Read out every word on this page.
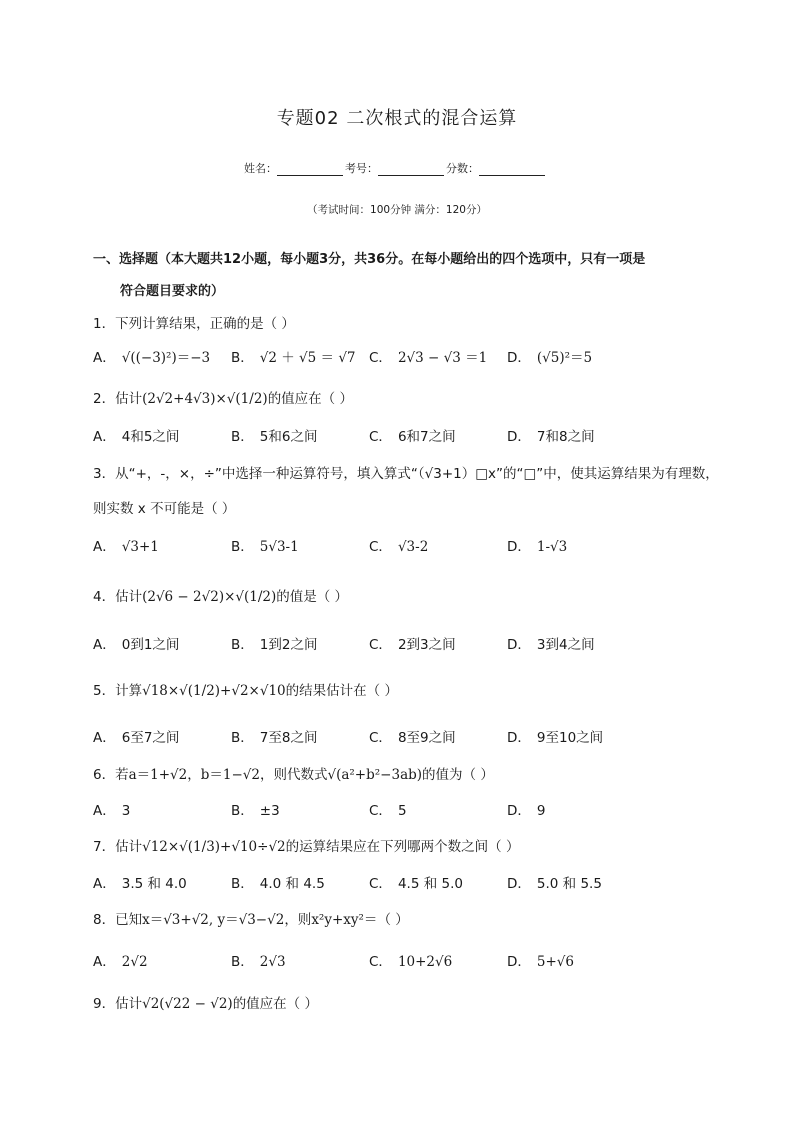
专题02 二次根式的混合运算
姓名：	考号：	分数：
（考试时间：100分钟 满分：120分）
一、选择题（本大题共12小题，每小题3分，共36分。在每小题给出的四个选项中，只有一项是
符合题目要求的）
1．下列计算结果，正确的是（ ）
A． √((−3)²)＝−3 B． √2 ＋ √5 ＝ √7 C． 2√3 − √3 ＝1 D． (√5)²＝5
2．估计(2√2+4√3)×√(1/2)的值应在（ ）
A． 4和5之间	B． 5和6之间	C． 6和7之间	D． 7和8之间
3．从“+，-，×，÷”中选择一种运算符号，填入算式“（√3+1）□x”的“□”中，使其运算结果为有理数，
则实数 x 不可能是（ ）
A． √3+1	B． 5√3-1	C． √3-2	D． 1-√3
4．估计(2√6 − 2√2)×√(1/2)的值是（ ）
A． 0到1之间	B． 1到2之间	C． 2到3之间	D． 3到4之间
5．计算√18×√(1/2)+√2×√10的结果估计在（ ）
A． 6至7之间	B． 7至8之间	C． 8至9之间	D． 9至10之间
6．若a＝1+√2，b＝1−√2，则代数式√(a²+b²−3ab)的值为（ ）
A． 3	B． ±3	C． 5	D． 9
7．估计√12×√(1/3)+√10÷√2的运算结果应在下列哪两个数之间（ ）
A． 3.5 和 4.0	B． 4.0 和 4.5	C． 4.5 和 5.0	D． 5.0 和 5.5
8．已知x＝√3+√2, y＝√3−√2，则x²y+xy²＝（ ）
A． 2√2	B． 2√3	C． 10+2√6	D． 5+√6
9．估计√2(√22 − √2)的值应在（ ）
